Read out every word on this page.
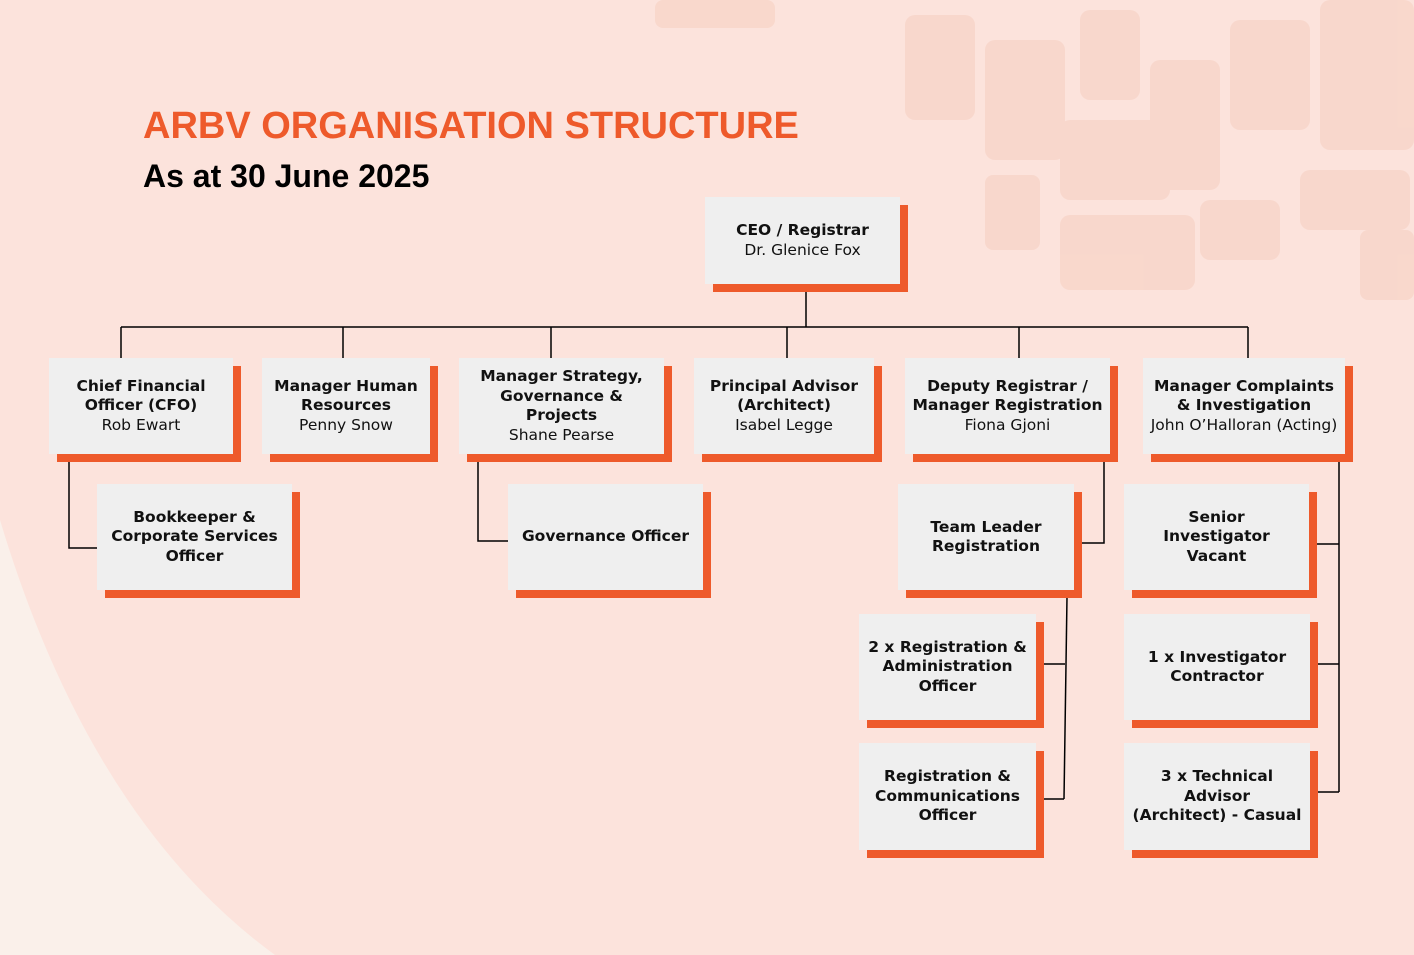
ARBV ORGANISATION STRUCTURE
As at 30 June 2025
CEO / Registrar
Dr. Glenice Fox
Chief Financial
Officer (CFO)
Rob Ewart
Manager Human
Resources
Penny Snow
Manager Strategy,
Governance & Projects
Shane Pearse
Principal Advisor
(Architect)
Isabel Legge
Deputy Registrar /
Manager Registration
Fiona Gjoni
Manager Complaints
& Investigation
John O’Halloran (Acting)
Bookkeeper &
Corporate Services
Officer
Governance Officer
Team Leader
Registration
2 x Registration &
Administration
Officer
Registration &
Communications
Officer
Senior
Investigator
Vacant
1 x Investigator
Contractor
3 x Technical
Advisor
(Architect) - Casual
